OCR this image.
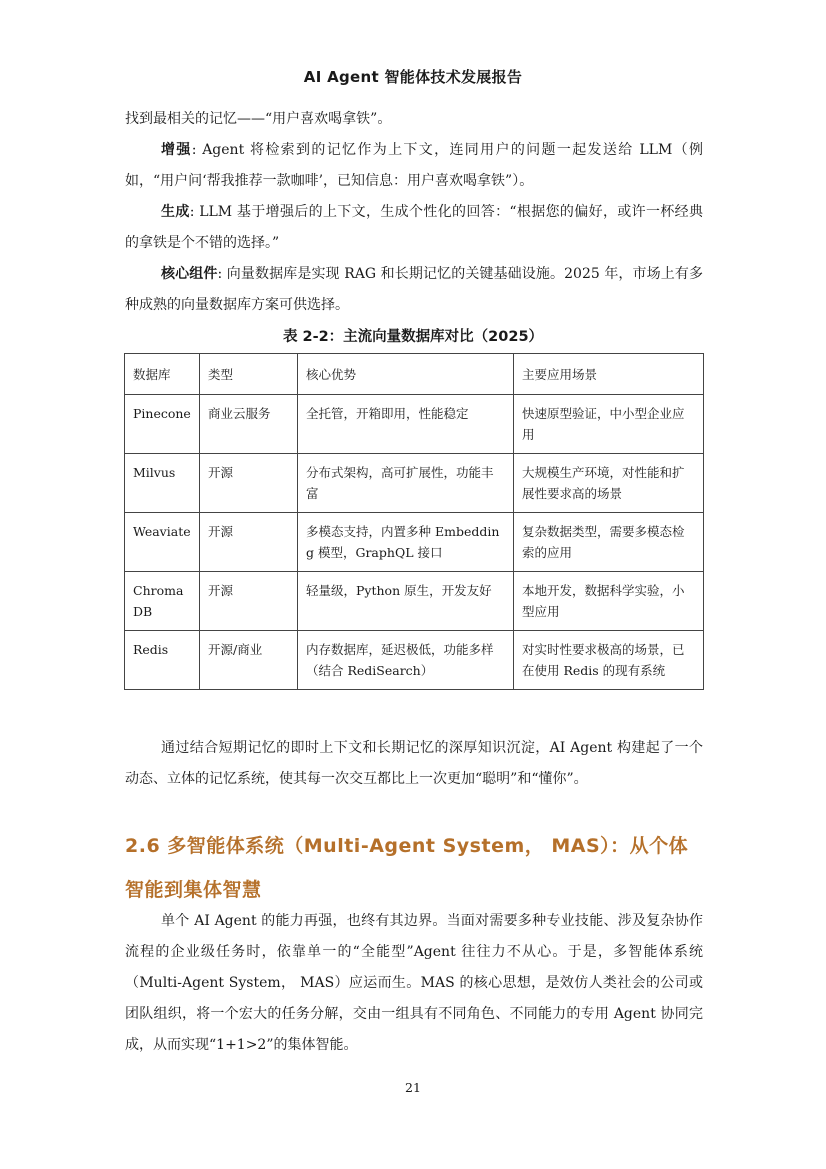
AI Agent 智能体技术发展报告

找到最相关的记忆——“用户喜欢喝拿铁”。

增强: Agent 将检索到的记忆作为上下文，连同用户的问题一起发送给 LLM（例如，“用户问‘帮我推荐一款咖啡’，已知信息：用户喜欢喝拿铁”）。

生成: LLM 基于增强后的上下文，生成个性化的回答：“根据您的偏好，或许一杯经典的拿铁是个不错的选择。”

核心组件: 向量数据库是实现 RAG 和长期记忆的关键基础设施。2025 年，市场上有多种成熟的向量数据库方案可供选择。

表 2-2：主流向量数据库对比（2025）
数据库	类型	核心优势	主要应用场景
Pinecone	商业云服务	全托管，开箱即用，性能稳定	快速原型验证，中小型企业应用
Milvus	开源	分布式架构，高可扩展性，功能丰富	大规模生产环境，对性能和扩展性要求高的场景
Weaviate	开源	多模态支持，内置多种 Embedding 模型，GraphQL 接口	复杂数据类型，需要多模态检索的应用
ChromaDB	开源	轻量级，Python 原生，开发友好	本地开发，数据科学实验，小型应用
Redis	开源/商业	内存数据库，延迟极低，功能多样（结合 RediSearch）	对实时性要求极高的场景，已在使用 Redis 的现有系统

通过结合短期记忆的即时上下文和长期记忆的深厚知识沉淀，AI Agent 构建起了一个动态、立体的记忆系统，使其每一次交互都比上一次更加“聪明”和“懂你”。

2.6 多智能体系统（Multi-Agent System， MAS）：从个体智能到集体智慧

单个 AI Agent 的能力再强，也终有其边界。当面对需要多种专业技能、涉及复杂协作流程的企业级任务时，依靠单一的“全能型”Agent 往往力不从心。于是，多智能体系统（Multi-Agent System， MAS）应运而生。MAS 的核心思想，是效仿人类社会的公司或团队组织，将一个宏大的任务分解，交由一组具有不同角色、不同能力的专用 Agent 协同完成，从而实现“1+1>2”的集体智能。

21
